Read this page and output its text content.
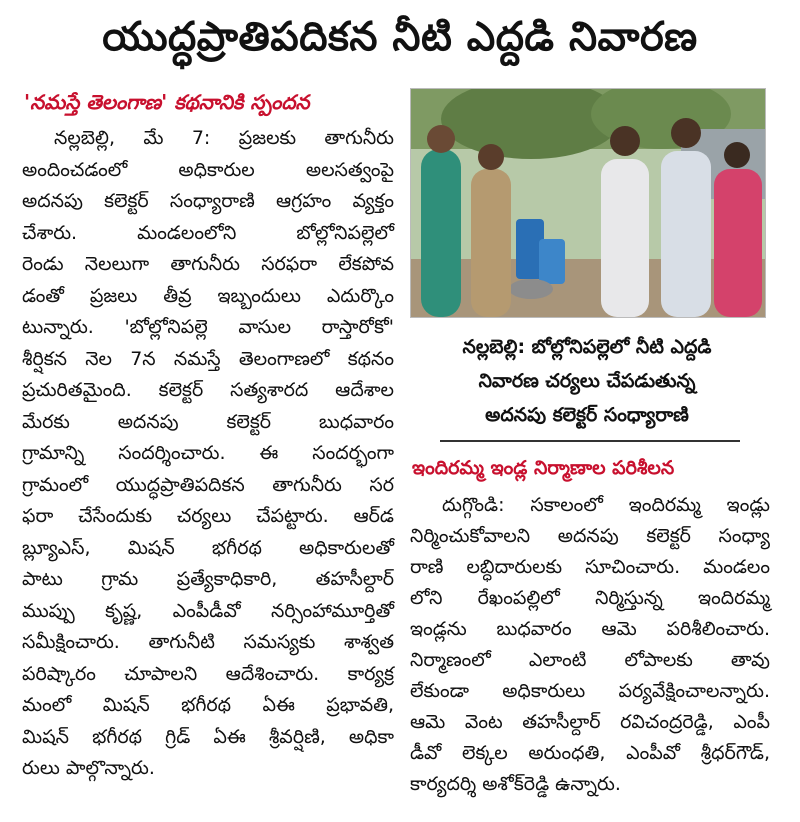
యుద్ధప్రాతిపదికన నీటి ఎద్దడి నివారణ
'నమస్తే తెలంగాణ' కథనానికి స్పందన
నల్లబెల్లి, మే 7: ప్రజలకు తాగునీరు
అందించడంలో అధికారుల అలసత్వంపై
అదనపు కలెక్టర్ సంధ్యారాణి ఆగ్రహం వ్యక్తం
చేశారు. మండలంలోని బోల్లోనిపల్లెలో
రెండు నెలలుగా తాగునీరు సరఫరా లేకపోవ
డంతో ప్రజలు తీవ్ర ఇబ్బందులు ఎదుర్కొం
టున్నారు. 'బోల్లోనిపల్లె వాసుల రాస్తారోకో'
శీర్షికన నెల 7న నమస్తే తెలంగాణలో కథనం
ప్రచురితమైంది. కలెక్టర్ సత్యశారద ఆదేశాల
మేరకు అదనపు కలెక్టర్ బుధవారం
గ్రామాన్ని సందర్శించారు. ఈ సందర్భంగా
గ్రామంలో యుద్ధప్రాతిపదికన తాగునీరు సర
ఫరా చేసేందుకు చర్యలు చేపట్టారు. ఆర్‌డ
బ్ల్యూఎస్, మిషన్ భగీరథ అధికారులతో
పాటు గ్రామ ప్రత్యేకాధికారి, తహసీల్దార్
ముప్పు కృష్ణ, ఎంపీడీవో నర్సింహామూర్తితో
సమీక్షించారు. తాగునీటి సమస్యకు శాశ్వత
పరిష్కారం చూపాలని ఆదేశించారు. కార్యక్ర
మంలో మిషన్ భగీరథ ఏఈ ప్రభావతి,
మిషన్ భగీరథ గ్రిడ్ ఏఈ శ్రీవర్షిణి, అధికా
రులు పాల్గొన్నారు.
నల్లబెల్లి: బోల్లోనిపల్లెలో నీటి ఎద్దడి
నివారణ చర్యలు చేపడుతున్న
అదనపు కలెక్టర్ సంధ్యారాణి
ఇందిరమ్మ ఇండ్ల నిర్మాణాల పరిశీలన
దుగ్గొండి: సకాలంలో ఇందిరమ్మ ఇండ్లు
నిర్మించుకోవాలని అదనపు కలెక్టర్ సంధ్యా
రాణి లబ్ధిదారులకు సూచించారు. మండలం
లోని రేఖంపల్లిలో నిర్మిస్తున్న ఇందిరమ్మ
ఇండ్లను బుధవారం ఆమె పరిశీలించారు.
నిర్మాణంలో ఎలాంటి లోపాలకు తావు
లేకుండా అధికారులు పర్యవేక్షించాలన్నారు.
ఆమె వెంట తహసీల్దార్ రవిచంద్రరెడ్డి, ఎంపీ
డీవో లెక్కల అరుంధతి, ఎంపీవో శ్రీధర్‌గౌడ్,
కార్యదర్శి అశోక్‌రెడ్డి ఉన్నారు.
